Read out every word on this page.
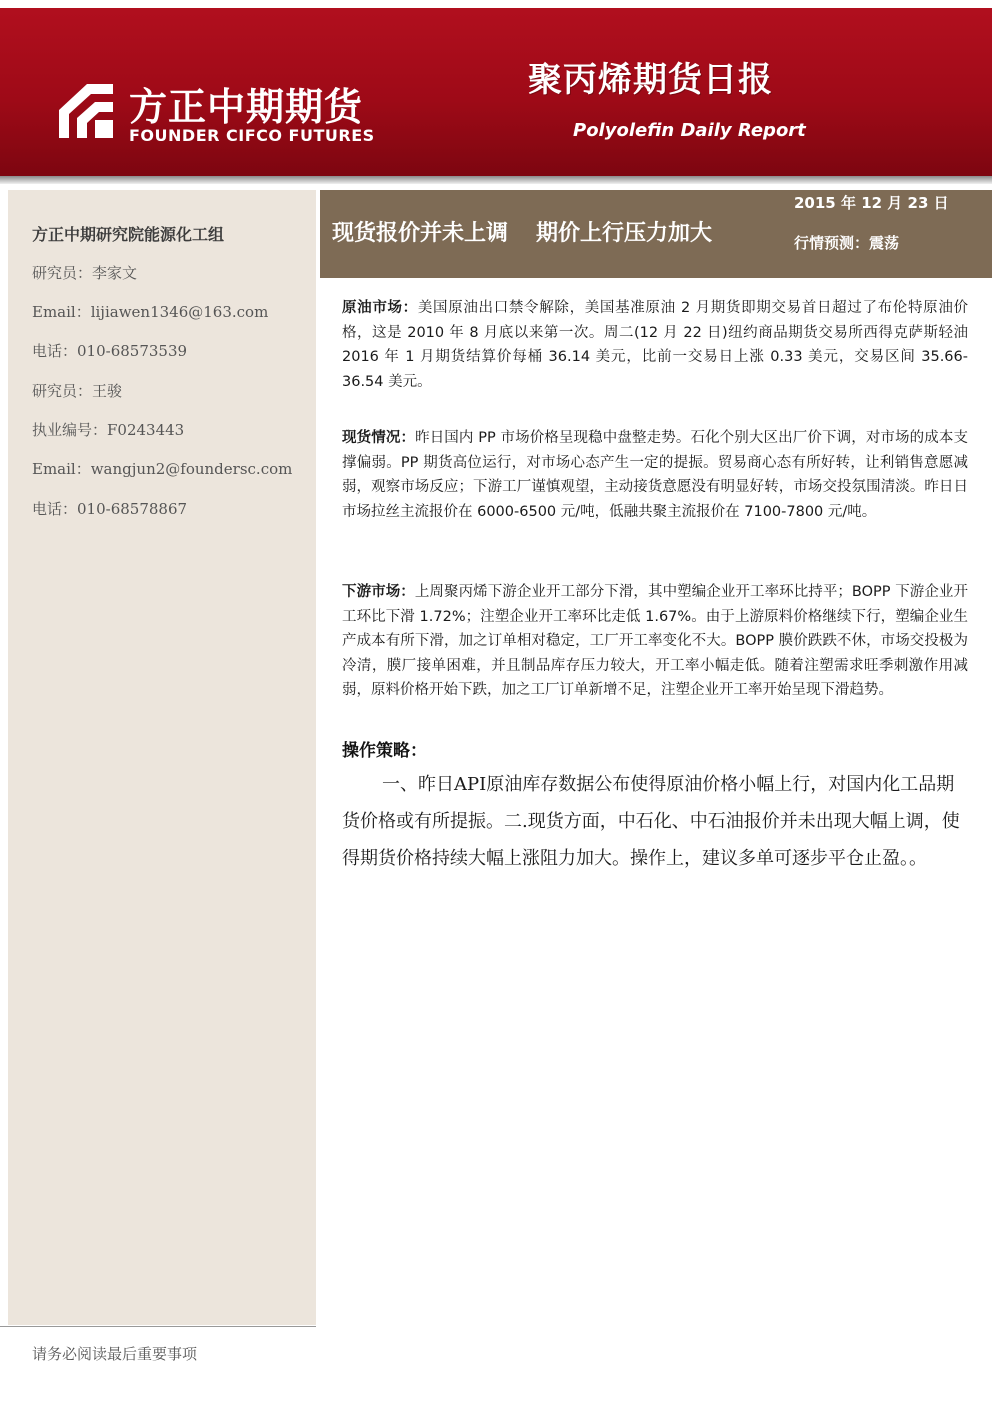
方正中期期货
FOUNDER CIFCO FUTURES
聚丙烯期货日报
Polyolefin Daily Report
方正中期研究院能源化工组
研究员：李家文
Email：lijiawen1346@163.com
电话：010-68573539
研究员：王骏
执业编号：F0243443
Email：wangjun2@foundersc.com
电话：010-68578867
现货报价并未上调 期价上行压力加大
2015 年 12 月 23 日
行情预测：震荡
原油市场：美国原油出口禁令解除，美国基准原油 2 月期货即期交易首日超过了布伦特原油价格，这是 2010 年 8 月底以来第一次。周二(12 月 22 日)纽约商品期货交易所西得克萨斯轻油 2016 年 1 月期货结算价每桶 36.14 美元，比前一交易日上涨 0.33 美元，交易区间 35.66-36.54 美元。
现货情况：昨日国内 PP 市场价格呈现稳中盘整走势。石化个别大区出厂价下调，对市场的成本支撑偏弱。PP 期货高位运行，对市场心态产生一定的提振。贸易商心态有所好转，让利销售意愿减弱，观察市场反应；下游工厂谨慎观望，主动接货意愿没有明显好转，市场交投氛围清淡。昨日日市场拉丝主流报价在 6000-6500 元/吨，低融共聚主流报价在 7100-7800 元/吨。
下游市场：上周聚丙烯下游企业开工部分下滑，其中塑编企业开工率环比持平；BOPP 下游企业开工环比下滑 1.72%；注塑企业开工率环比走低 1.67%。由于上游原料价格继续下行，塑编企业生产成本有所下滑，加之订单相对稳定，工厂开工率变化不大。BOPP 膜价跌跌不休，市场交投极为冷清，膜厂接单困难，并且制品库存压力较大，开工率小幅走低。随着注塑需求旺季刺激作用减弱，原料价格开始下跌，加之工厂订单新增不足，注塑企业开工率开始呈现下滑趋势。
操作策略：
一、昨日API原油库存数据公布使得原油价格小幅上行，对国内化工品期货价格或有所提振。二.现货方面，中石化、中石油报价并未出现大幅上调，使得期货价格持续大幅上涨阻力加大。操作上，建议多单可逐步平仓止盈。。
请务必阅读最后重要事项
